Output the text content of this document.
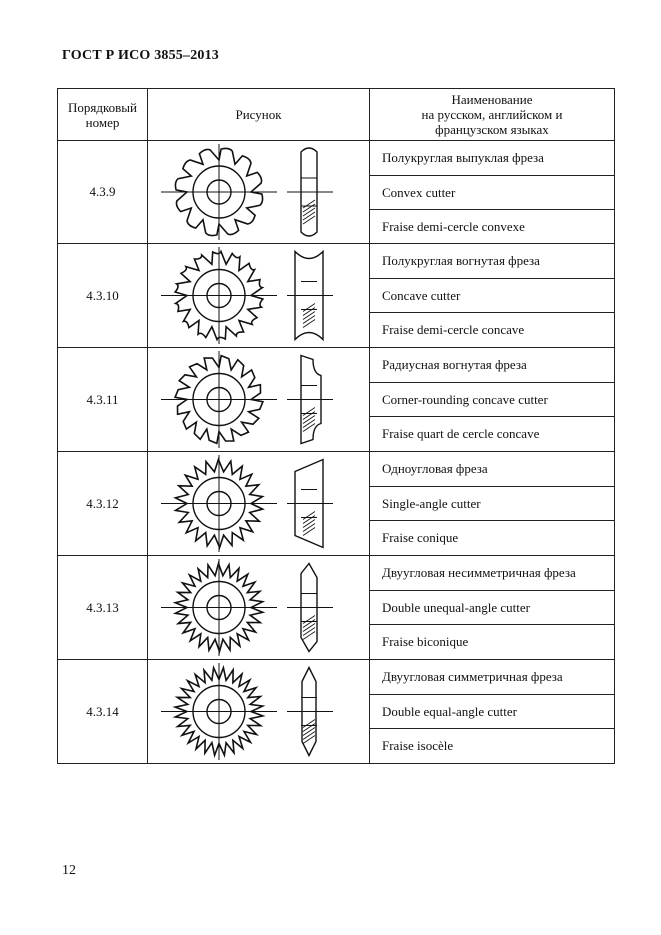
ГОСТ Р ИСО 3855–2013
Порядковый
номер	Рисунок	Наименование
на русском, английском и
французском языках

4.3.9		Полукруглая выпуклая фреза
		Convex cutter
		Fraise demi-cercle convexe
4.3.10		Полукруглая вогнутая фреза
		Concave cutter
		Fraise demi-cercle concave
4.3.11		Радиусная вогнутая фреза
		Corner-rounding concave cutter
		Fraise quart de cercle concave
4.3.12		Одноугловая фреза
		Single-angle cutter
		Fraise conique
4.3.13		Двуугловая несимметричная фреза
		Double unequal-angle cutter
		Fraise biconique
4.3.14		Двуугловая симметричная фреза
		Double equal-angle cutter
		Fraise isocèle
12
